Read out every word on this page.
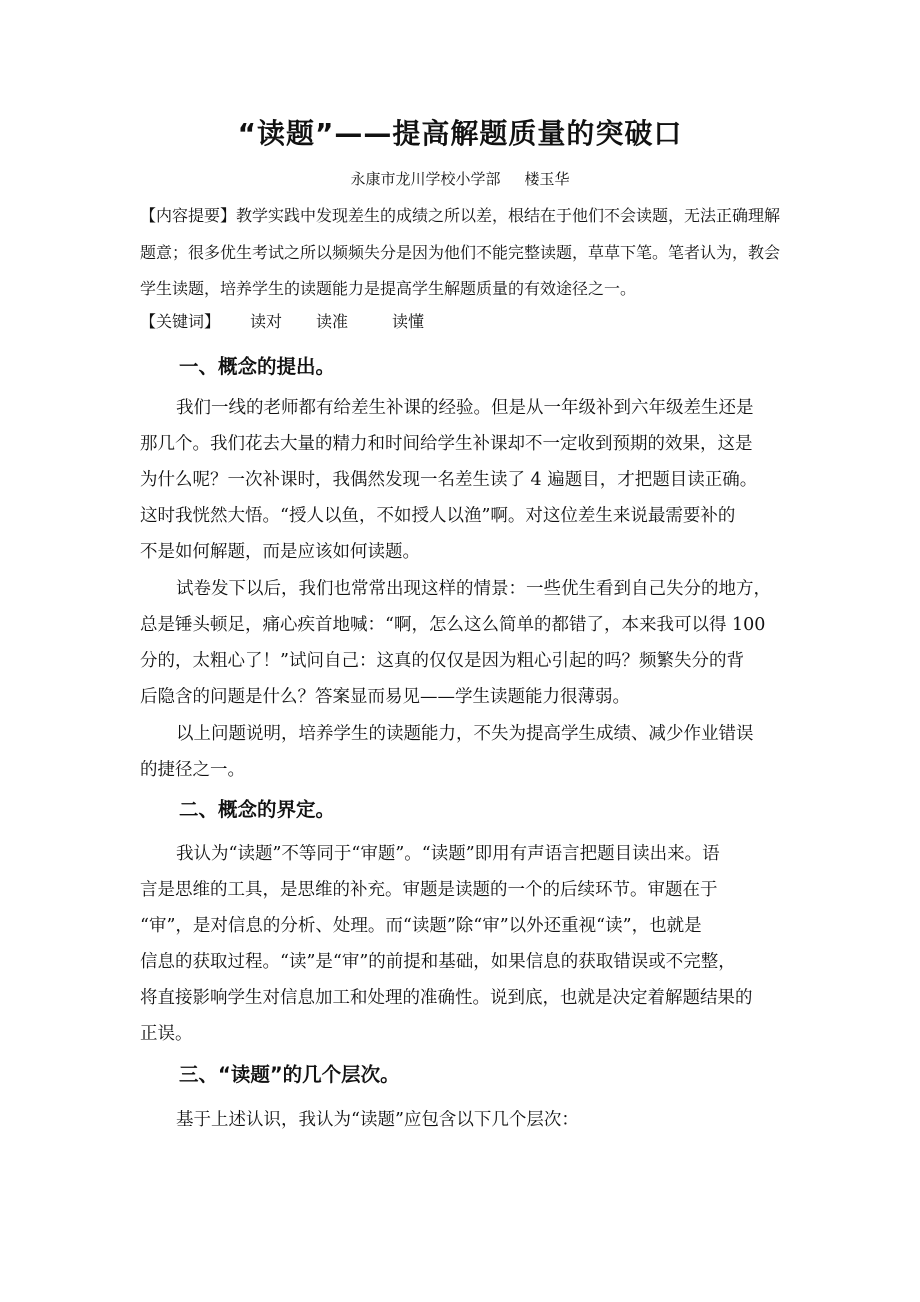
“读题”——提高解题质量的突破口
永康市龙川学校小学部 楼玉华
【内容提要】教学实践中发现差生的成绩之所以差，根结在于他们不会读题，无法正确理解
题意；很多优生考试之所以频频失分是因为他们不能完整读题，草草下笔。笔者认为，教会
学生读题，培养学生的读题能力是提高学生解题质量的有效途径之一。
【关键词】 读对 读准	读懂
一、概念的提出。
我们一线的老师都有给差生补课的经验。但是从一年级补到六年级差生还是
那几个。我们花去大量的精力和时间给学生补课却不一定收到预期的效果，这是
为什么呢？一次补课时，我偶然发现一名差生读了 4 遍题目，才把题目读正确。
这时我恍然大悟。“授人以鱼，不如授人以渔”啊。对这位差生来说最需要补的
不是如何解题，而是应该如何读题。
试卷发下以后，我们也常常出现这样的情景：一些优生看到自己失分的地方，
总是锤头顿足，痛心疾首地喊：“啊，怎么这么简单的都错了，本来我可以得 100
分的，太粗心了！”试问自己：这真的仅仅是因为粗心引起的吗？频繁失分的背
后隐含的问题是什么？答案显而易见——学生读题能力很薄弱。
以上问题说明，培养学生的读题能力，不失为提高学生成绩、减少作业错误
的捷径之一。
二、概念的界定。
我认为“读题”不等同于“审题”。“读题”即用有声语言把题目读出来。语
言是思维的工具，是思维的补充。审题是读题的一个的后续环节。审题在于
“审”，是对信息的分析、处理。而“读题”除“审”以外还重视“读”，也就是
信息的获取过程。“读”是“审”的前提和基础，如果信息的获取错误或不完整，
将直接影响学生对信息加工和处理的准确性。说到底，也就是决定着解题结果的
正误。
三、“读题”的几个层次。
基于上述认识，我认为“读题”应包含以下几个层次：
